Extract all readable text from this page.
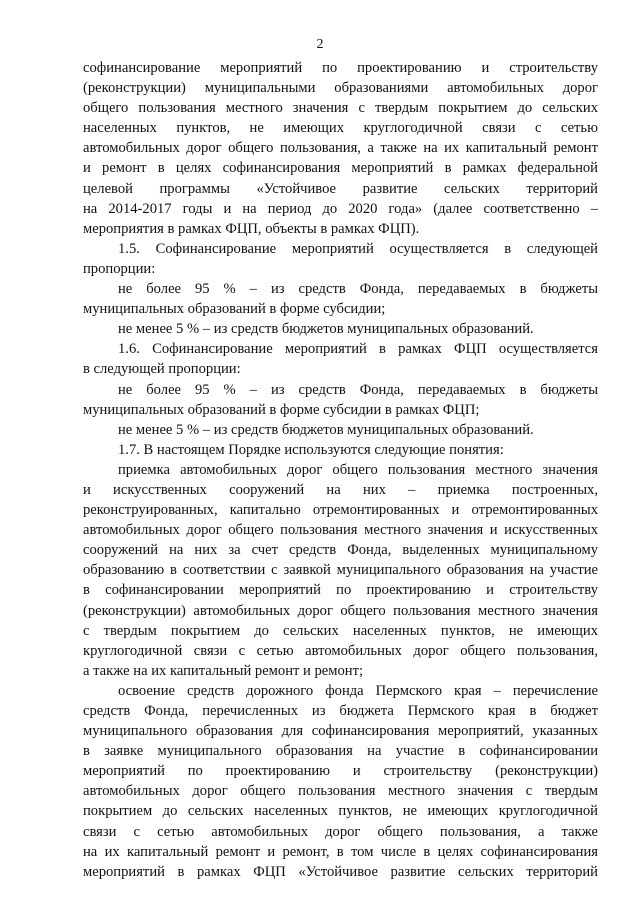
2
софинансирование мероприятий по проектированию и строительству
(реконструкции) муниципальными образованиями автомобильных дорог
общего пользования местного значения с твердым покрытием до сельских
населенных пунктов, не имеющих круглогодичной связи с сетью
автомобильных дорог общего пользования, а также на их капитальный ремонт
и ремонт в целях софинансирования мероприятий в рамках федеральной
целевой программы «Устойчивое развитие сельских территорий
на 2014-2017 годы и на период до 2020 года» (далее соответственно –
мероприятия в рамках ФЦП, объекты в рамках ФЦП).
1.5. Софинансирование мероприятий осуществляется в следующей
пропорции:
не более 95 % – из средств Фонда, передаваемых в бюджеты
муниципальных образований в форме субсидии;
не менее 5 % – из средств бюджетов муниципальных образований.
1.6. Софинансирование мероприятий в рамках ФЦП осуществляется
в следующей пропорции:
не более 95 % – из средств Фонда, передаваемых в бюджеты
муниципальных образований в форме субсидии в рамках ФЦП;
не менее 5 % – из средств бюджетов муниципальных образований.
1.7. В настоящем Порядке используются следующие понятия:
приемка автомобильных дорог общего пользования местного значения
и искусственных сооружений на них – приемка построенных,
реконструированных, капитально отремонтированных и отремонтированных
автомобильных дорог общего пользования местного значения и искусственных
сооружений на них за счет средств Фонда, выделенных муниципальному
образованию в соответствии с заявкой муниципального образования на участие
в софинансировании мероприятий по проектированию и строительству
(реконструкции) автомобильных дорог общего пользования местного значения
с твердым покрытием до сельских населенных пунктов, не имеющих
круглогодичной связи с сетью автомобильных дорог общего пользования,
а также на их капитальный ремонт и ремонт;
освоение средств дорожного фонда Пермского края – перечисление
средств Фонда, перечисленных из бюджета Пермского края в бюджет
муниципального образования для софинансирования мероприятий, указанных
в заявке муниципального образования на участие в софинансировании
мероприятий по проектированию и строительству (реконструкции)
автомобильных дорог общего пользования местного значения с твердым
покрытием до сельских населенных пунктов, не имеющих круглогодичной
связи с сетью автомобильных дорог общего пользования, а также
на их капитальный ремонт и ремонт, в том числе в целях софинансирования
мероприятий в рамках ФЦП «Устойчивое развитие сельских территорий
